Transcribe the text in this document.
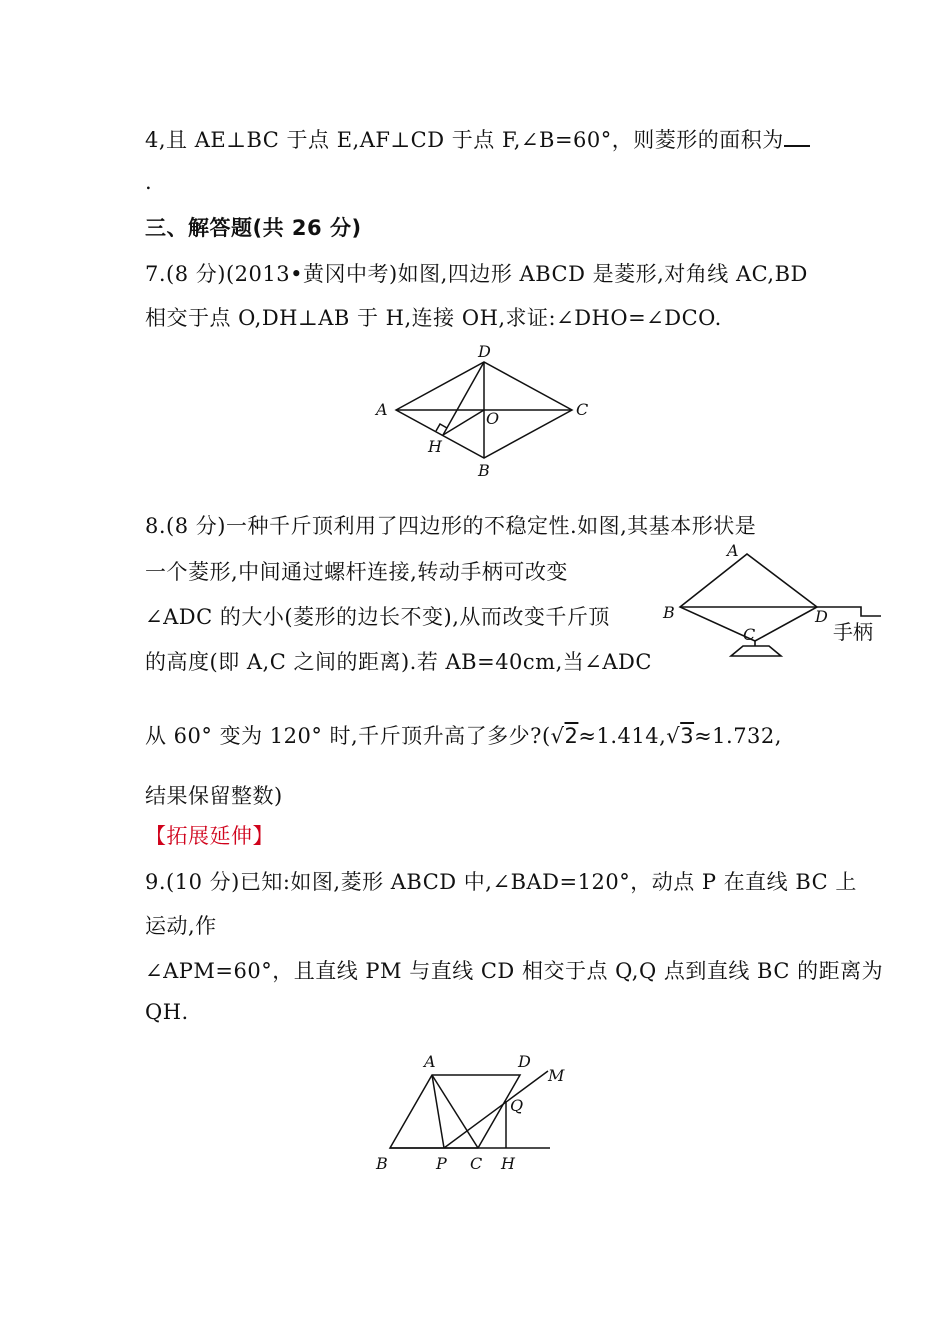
4,且 AE⊥BC 于点 E,AF⊥CD 于点 F,∠B=60°，则菱形的面积为
.
三、解答题(共 26 分)
7.(8 分)(2013•黄冈中考)如图,四边形 ABCD 是菱形,对角线 AC,BD
相交于点 O,DH⊥AB 于 H,连接 OH,求证:∠DHO=∠DCO.
A
D
C
B
O
H
8.(8 分)一种千斤顶利用了四边形的不稳定性.如图,其基本形状是
一个菱形,中间通过螺杆连接,转动手柄可改变
∠ADC 的大小(菱形的边长不变),从而改变千斤顶
的高度(即 A,C 之间的距离).若 AB=40cm,当∠ADC
A
B
C
D
手柄
从 60° 变为 120° 时,千斤顶升高了多少?(√2≈1.414,√3≈1.732,
结果保留整数)
【拓展延伸】
9.(10 分)已知:如图,菱形 ABCD 中,∠BAD=120°，动点 P 在直线 BC 上
运动,作
∠APM=60°，且直线 PM 与直线 CD 相交于点 Q,Q 点到直线 BC 的距离为
QH.
A	D
M
Q
B	P C H
